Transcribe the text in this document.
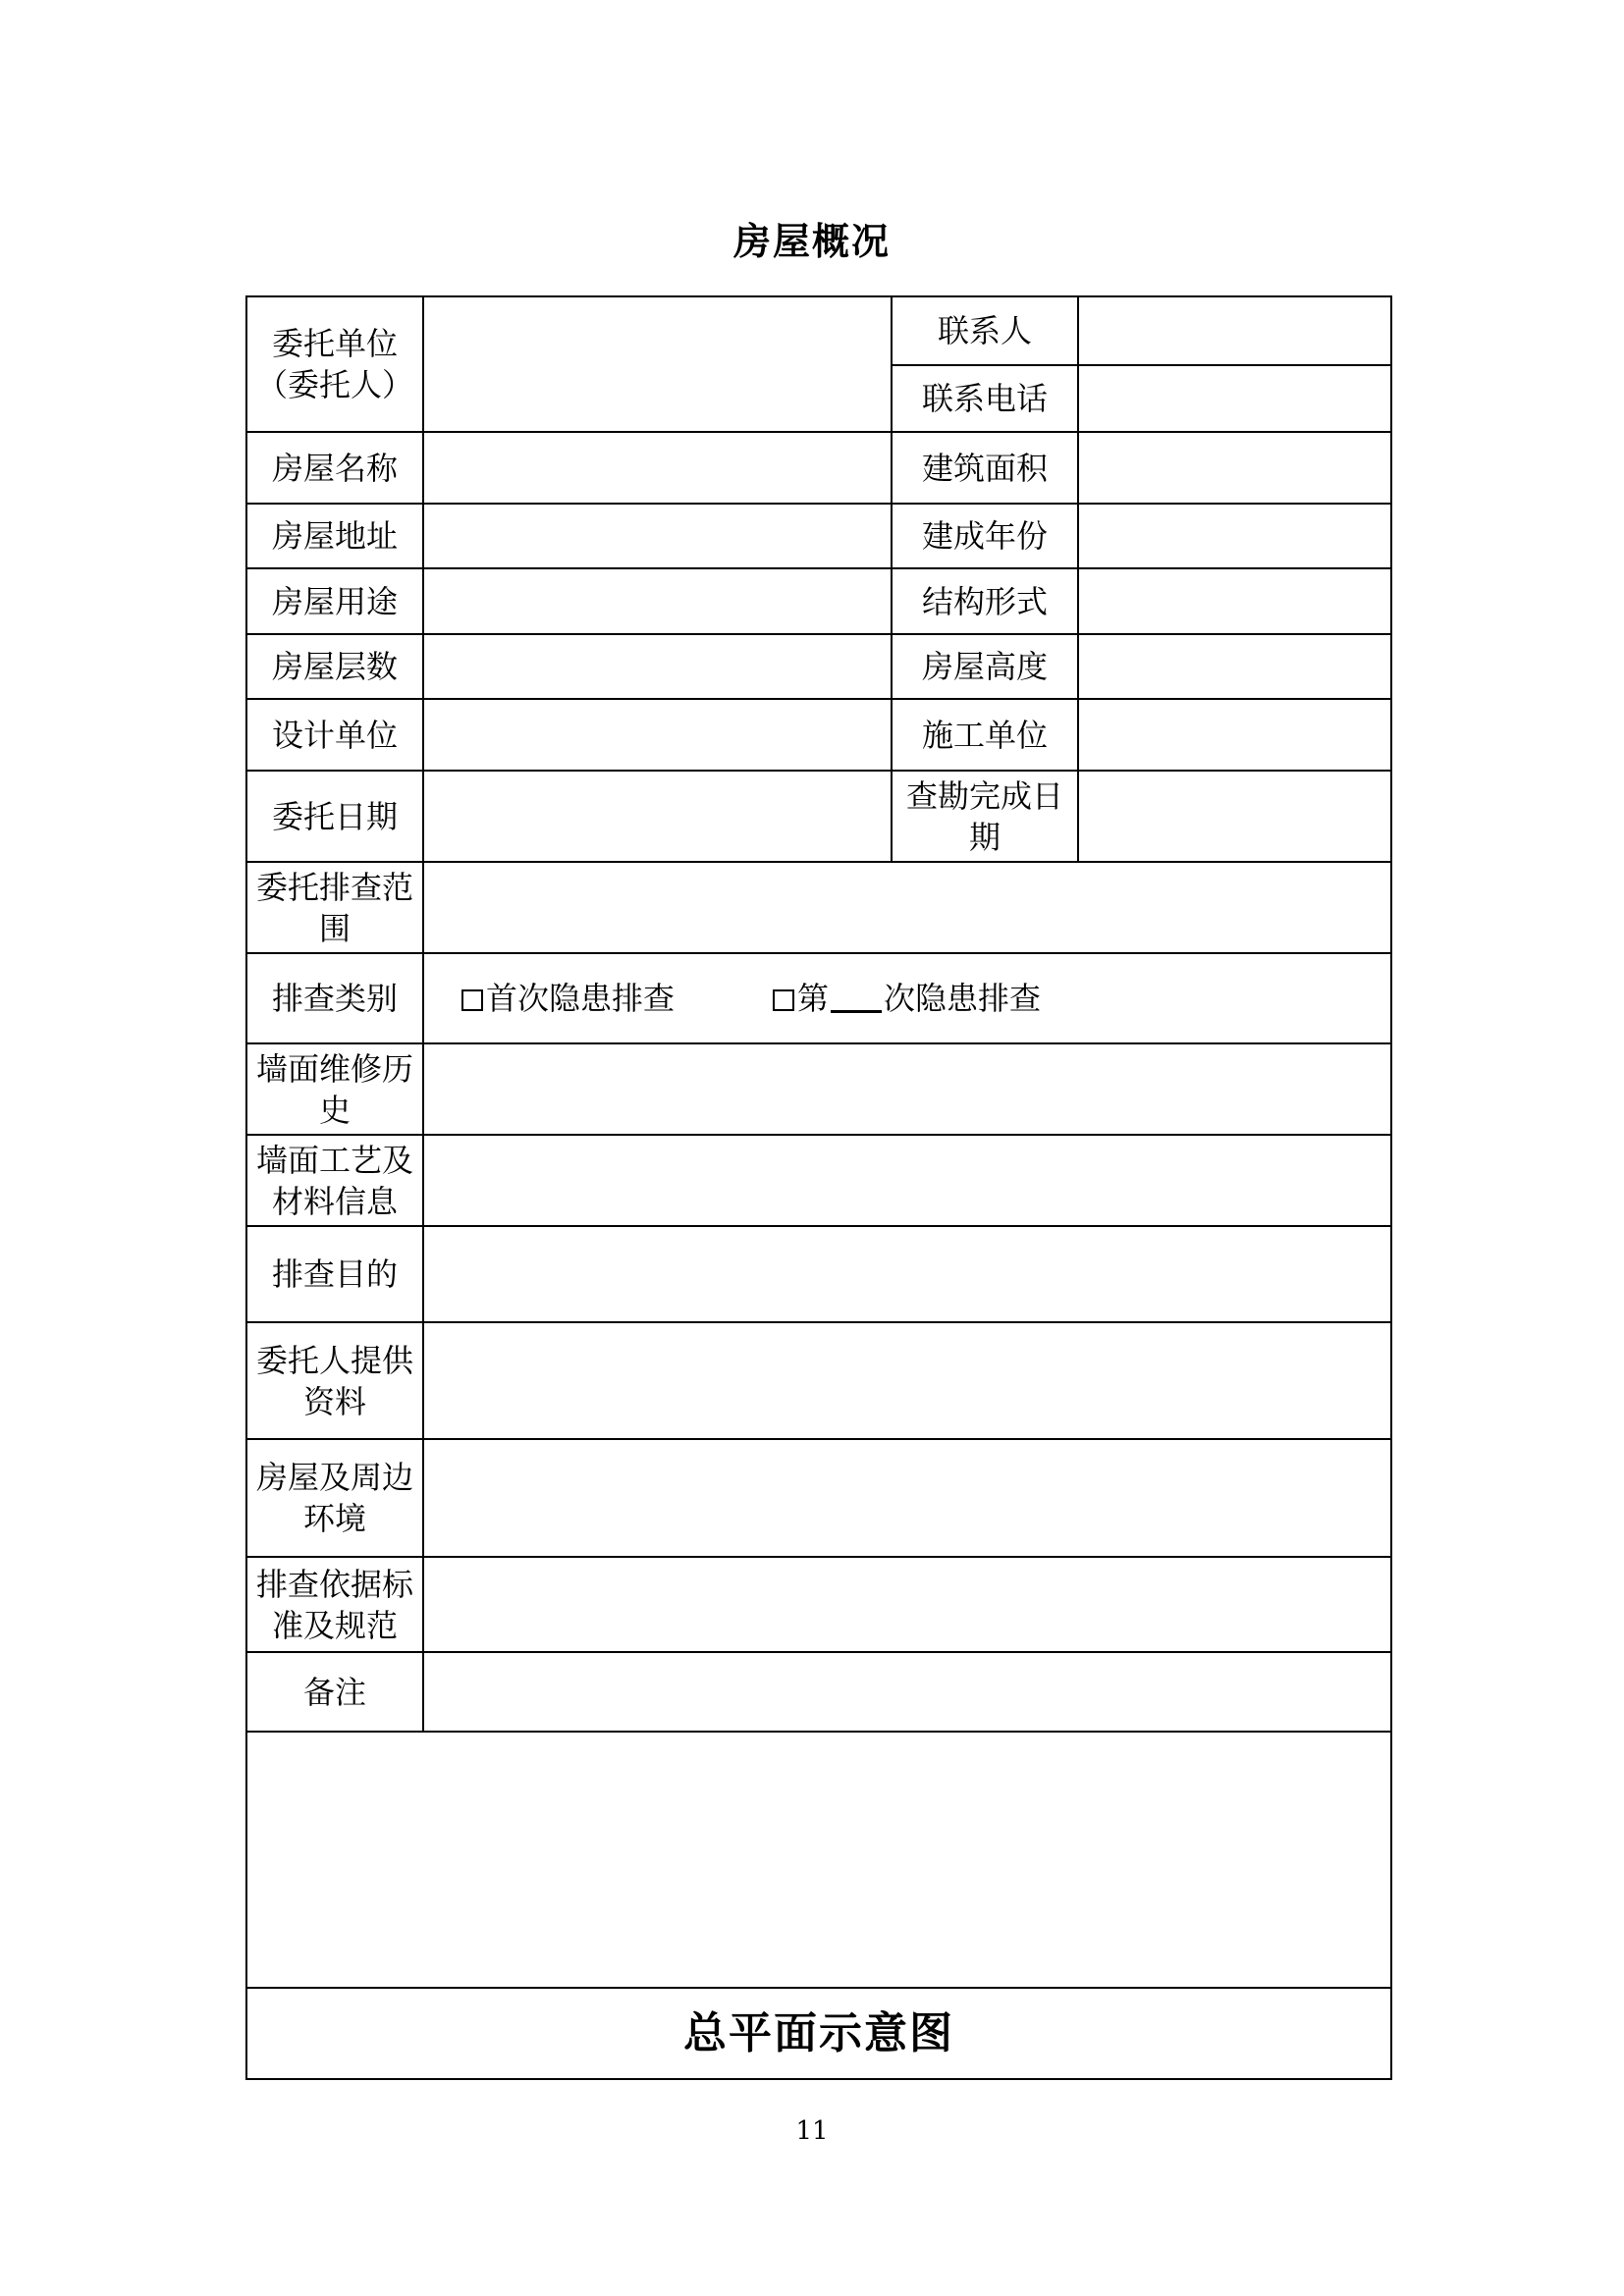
房屋概况
委托单位（委托人）		联系人	
		联系电话	
房屋名称		建筑面积	
房屋地址		建成年份	
房屋用途		结构形式	
房屋层数		房屋高度	
设计单位		施工单位	
委托日期		查勘完成日期	
委托排查范围			
排查类别	首次隐患排查 第 次隐患排查		
墙面维修历史			
墙面工艺及材料信息			
排查目的			
委托人提供资料			
房屋及周边环境			
排查依据标准及规范			
备注			

总平面示意图			
11
